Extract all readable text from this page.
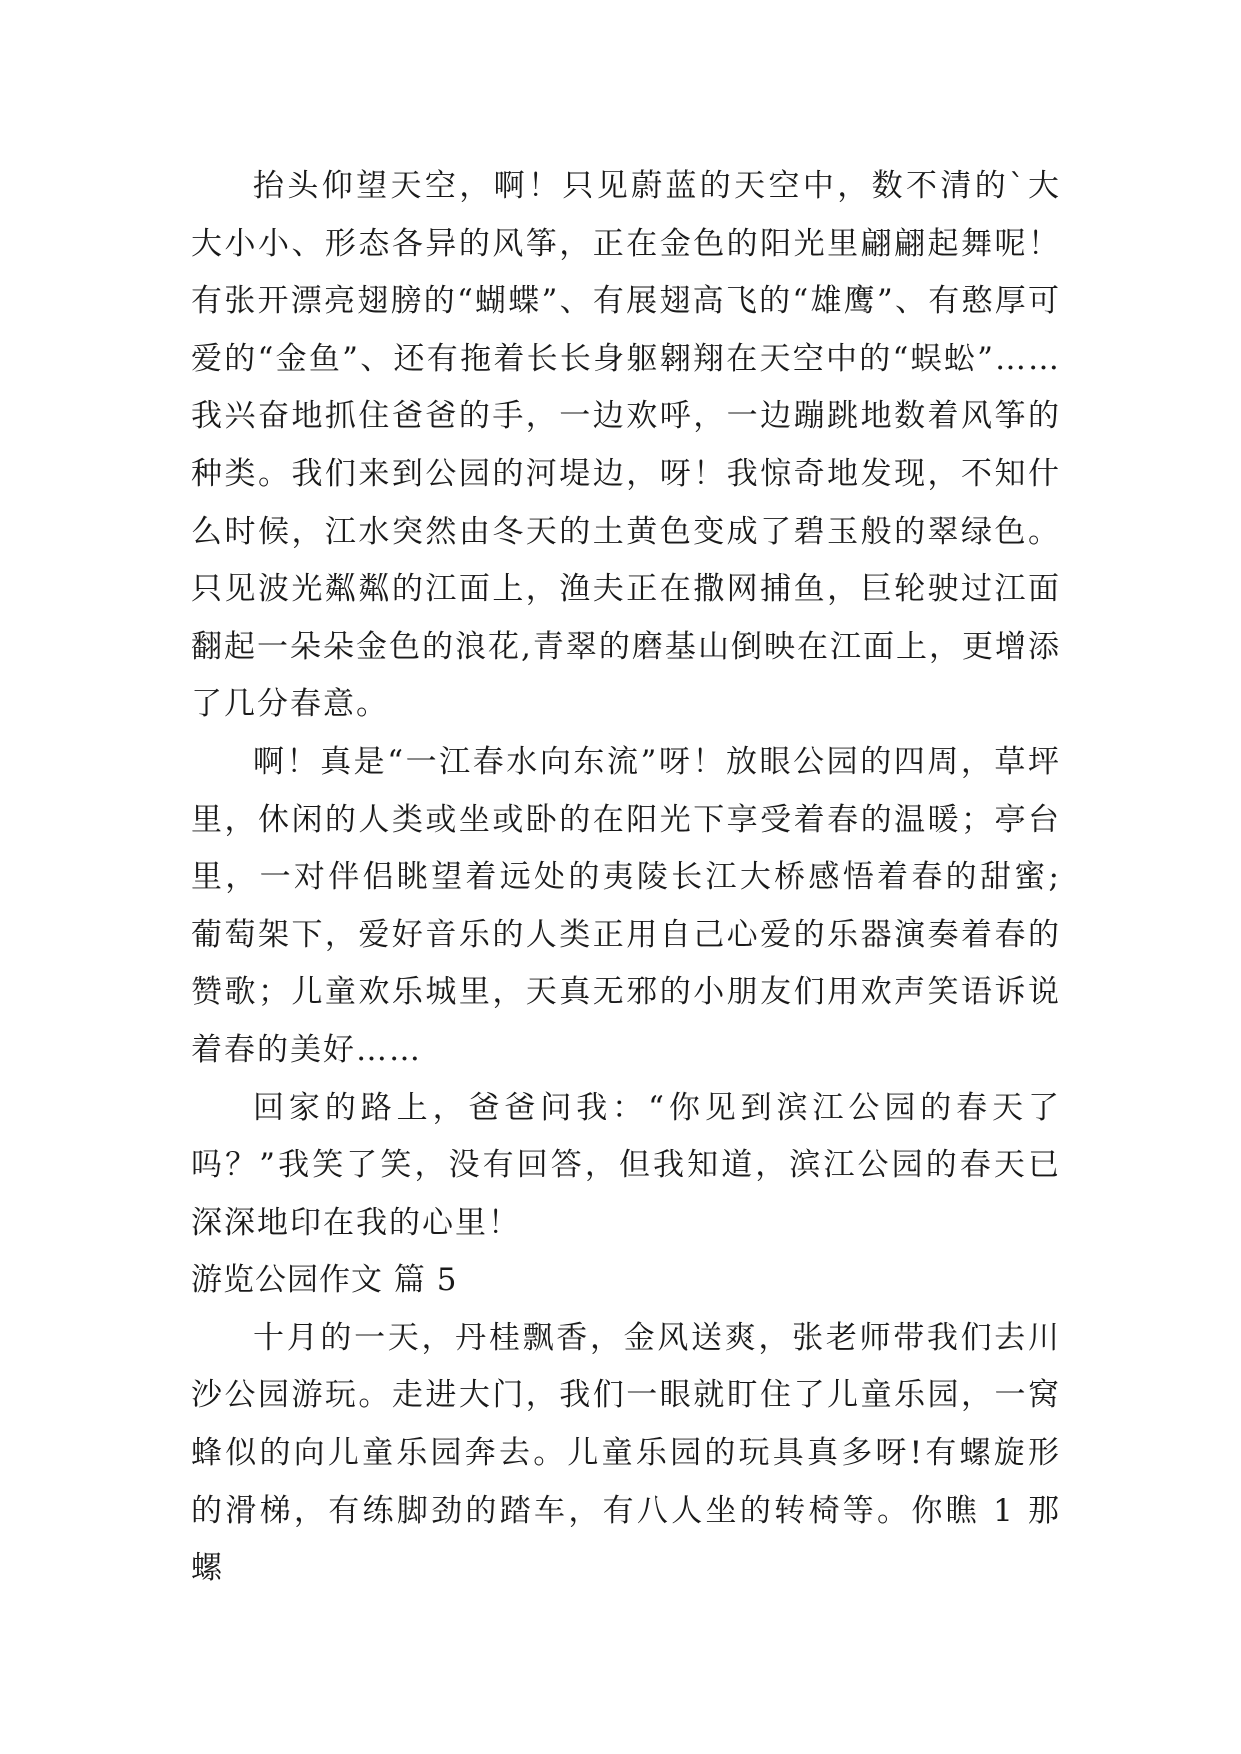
抬头仰望天空，啊！只见蔚蓝的天空中，数不清的`大大小小、形态各异的风筝，正在金色的阳光里翩翩起舞呢！有张开漂亮翅膀的“蝴蝶”、有展翅高飞的“雄鹰”、有憨厚可爱的“金鱼”、还有拖着长长身躯翱翔在天空中的“蜈蚣”……我兴奋地抓住爸爸的手，一边欢呼，一边蹦跳地数着风筝的种类。我们来到公园的河堤边，呀！我惊奇地发现，不知什么时候，江水突然由冬天的土黄色变成了碧玉般的翠绿色。只见波光粼粼的江面上，渔夫正在撒网捕鱼，巨轮驶过江面翻起一朵朵金色的浪花,青翠的磨基山倒映在江面上，更增添了几分春意。

啊！真是“一江春水向东流”呀！放眼公园的四周，草坪里，休闲的人类或坐或卧的在阳光下享受着春的温暖；亭台里，一对伴侣眺望着远处的夷陵长江大桥感悟着春的甜蜜;葡萄架下，爱好音乐的人类正用自己心爱的乐器演奏着春的赞歌；儿童欢乐城里，天真无邪的小朋友们用欢声笑语诉说着春的美好……

回家的路上，爸爸问我：“你见到滨江公园的春天了吗？”我笑了笑，没有回答，但我知道，滨江公园的春天已深深地印在我的心里！

游览公园作文 篇 5

十月的一天，丹桂飘香，金风送爽，张老师带我们去川沙公园游玩。走进大门，我们一眼就盯住了儿童乐园，一窝蜂似的向儿童乐园奔去。儿童乐园的玩具真多呀!有螺旋形的滑梯，有练脚劲的踏车，有八人坐的转椅等。你瞧 1 那螺
